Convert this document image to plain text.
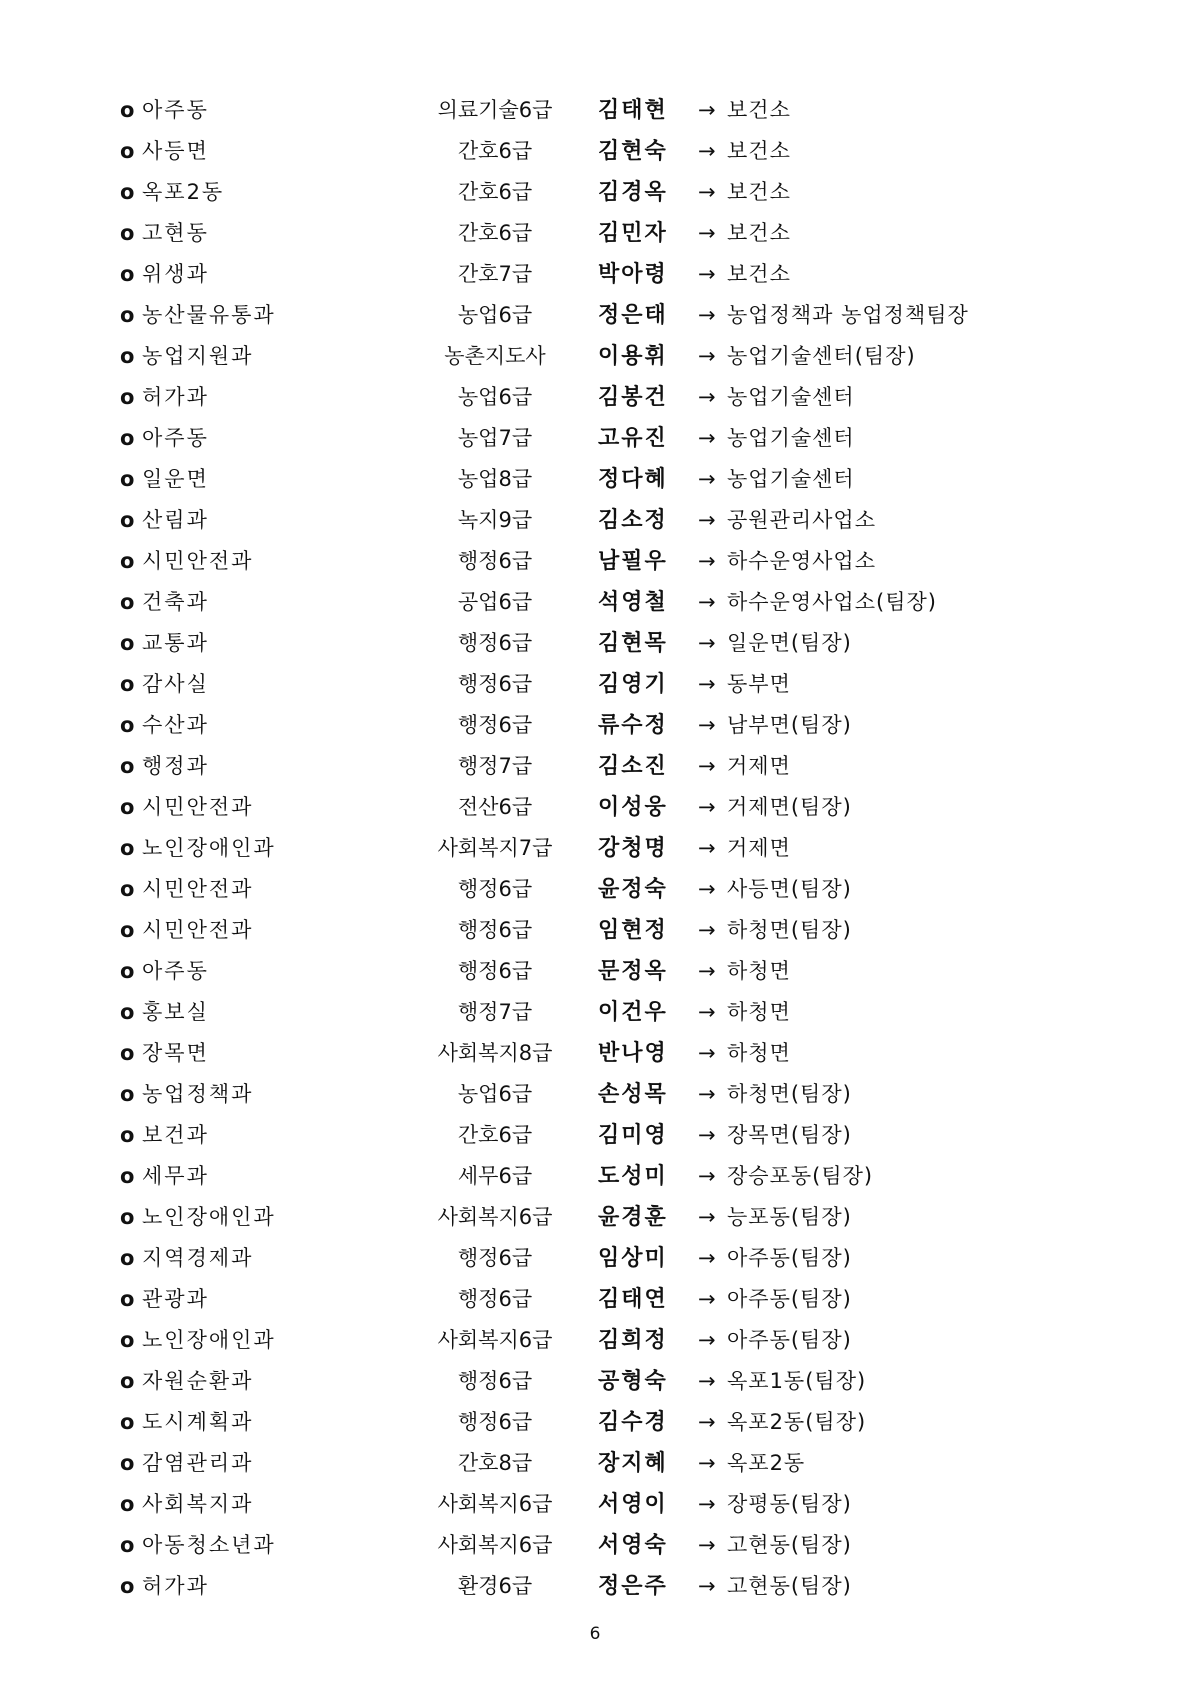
o 아주동	의료기술6급	김태현 → 보건소
o 사등면	간호6급	김현숙 → 보건소
o 옥포2동	간호6급	김경옥 → 보건소
o 고현동	간호6급	김민자 → 보건소
o 위생과	간호7급	박아령 → 보건소
o 농산물유통과	농업6급	정은태 → 농업정책과 농업정책팀장
o 농업지원과	농촌지도사	이용휘 → 농업기술센터(팀장)
o 허가과	농업6급	김봉건 → 농업기술센터
o 아주동	농업7급	고유진 → 농업기술센터
o 일운면	농업8급	정다혜 → 농업기술센터
o 산림과	녹지9급	김소정 → 공원관리사업소
o 시민안전과	행정6급	남필우 → 하수운영사업소
o 건축과	공업6급	석영철 → 하수운영사업소(팀장)
o 교통과	행정6급	김현목 → 일운면(팀장)
o 감사실	행정6급	김영기 → 동부면
o 수산과	행정6급	류수정 → 남부면(팀장)
o 행정과	행정7급	김소진 → 거제면
o 시민안전과	전산6급	이성웅 → 거제면(팀장)
o 노인장애인과	사회복지7급	강청명 → 거제면
o 시민안전과	행정6급	윤정숙 → 사등면(팀장)
o 시민안전과	행정6급	임현정 → 하청면(팀장)
o 아주동	행정6급	문정옥 → 하청면
o 홍보실	행정7급	이건우 → 하청면
o 장목면	사회복지8급	반나영 → 하청면
o 농업정책과	농업6급	손성목 → 하청면(팀장)
o 보건과	간호6급	김미영 → 장목면(팀장)
o 세무과	세무6급	도성미 → 장승포동(팀장)
o 노인장애인과	사회복지6급	윤경훈 → 능포동(팀장)
o 지역경제과	행정6급	임상미 → 아주동(팀장)
o 관광과	행정6급	김태연 → 아주동(팀장)
o 노인장애인과	사회복지6급	김희정 → 아주동(팀장)
o 자원순환과	행정6급	공형숙 → 옥포1동(팀장)
o 도시계획과	행정6급	김수경 → 옥포2동(팀장)
o 감염관리과	간호8급	장지혜 → 옥포2동
o 사회복지과	사회복지6급	서영이 → 장평동(팀장)
o 아동청소년과	사회복지6급	서영숙 → 고현동(팀장)
o 허가과	환경6급	정은주 → 고현동(팀장)
6
